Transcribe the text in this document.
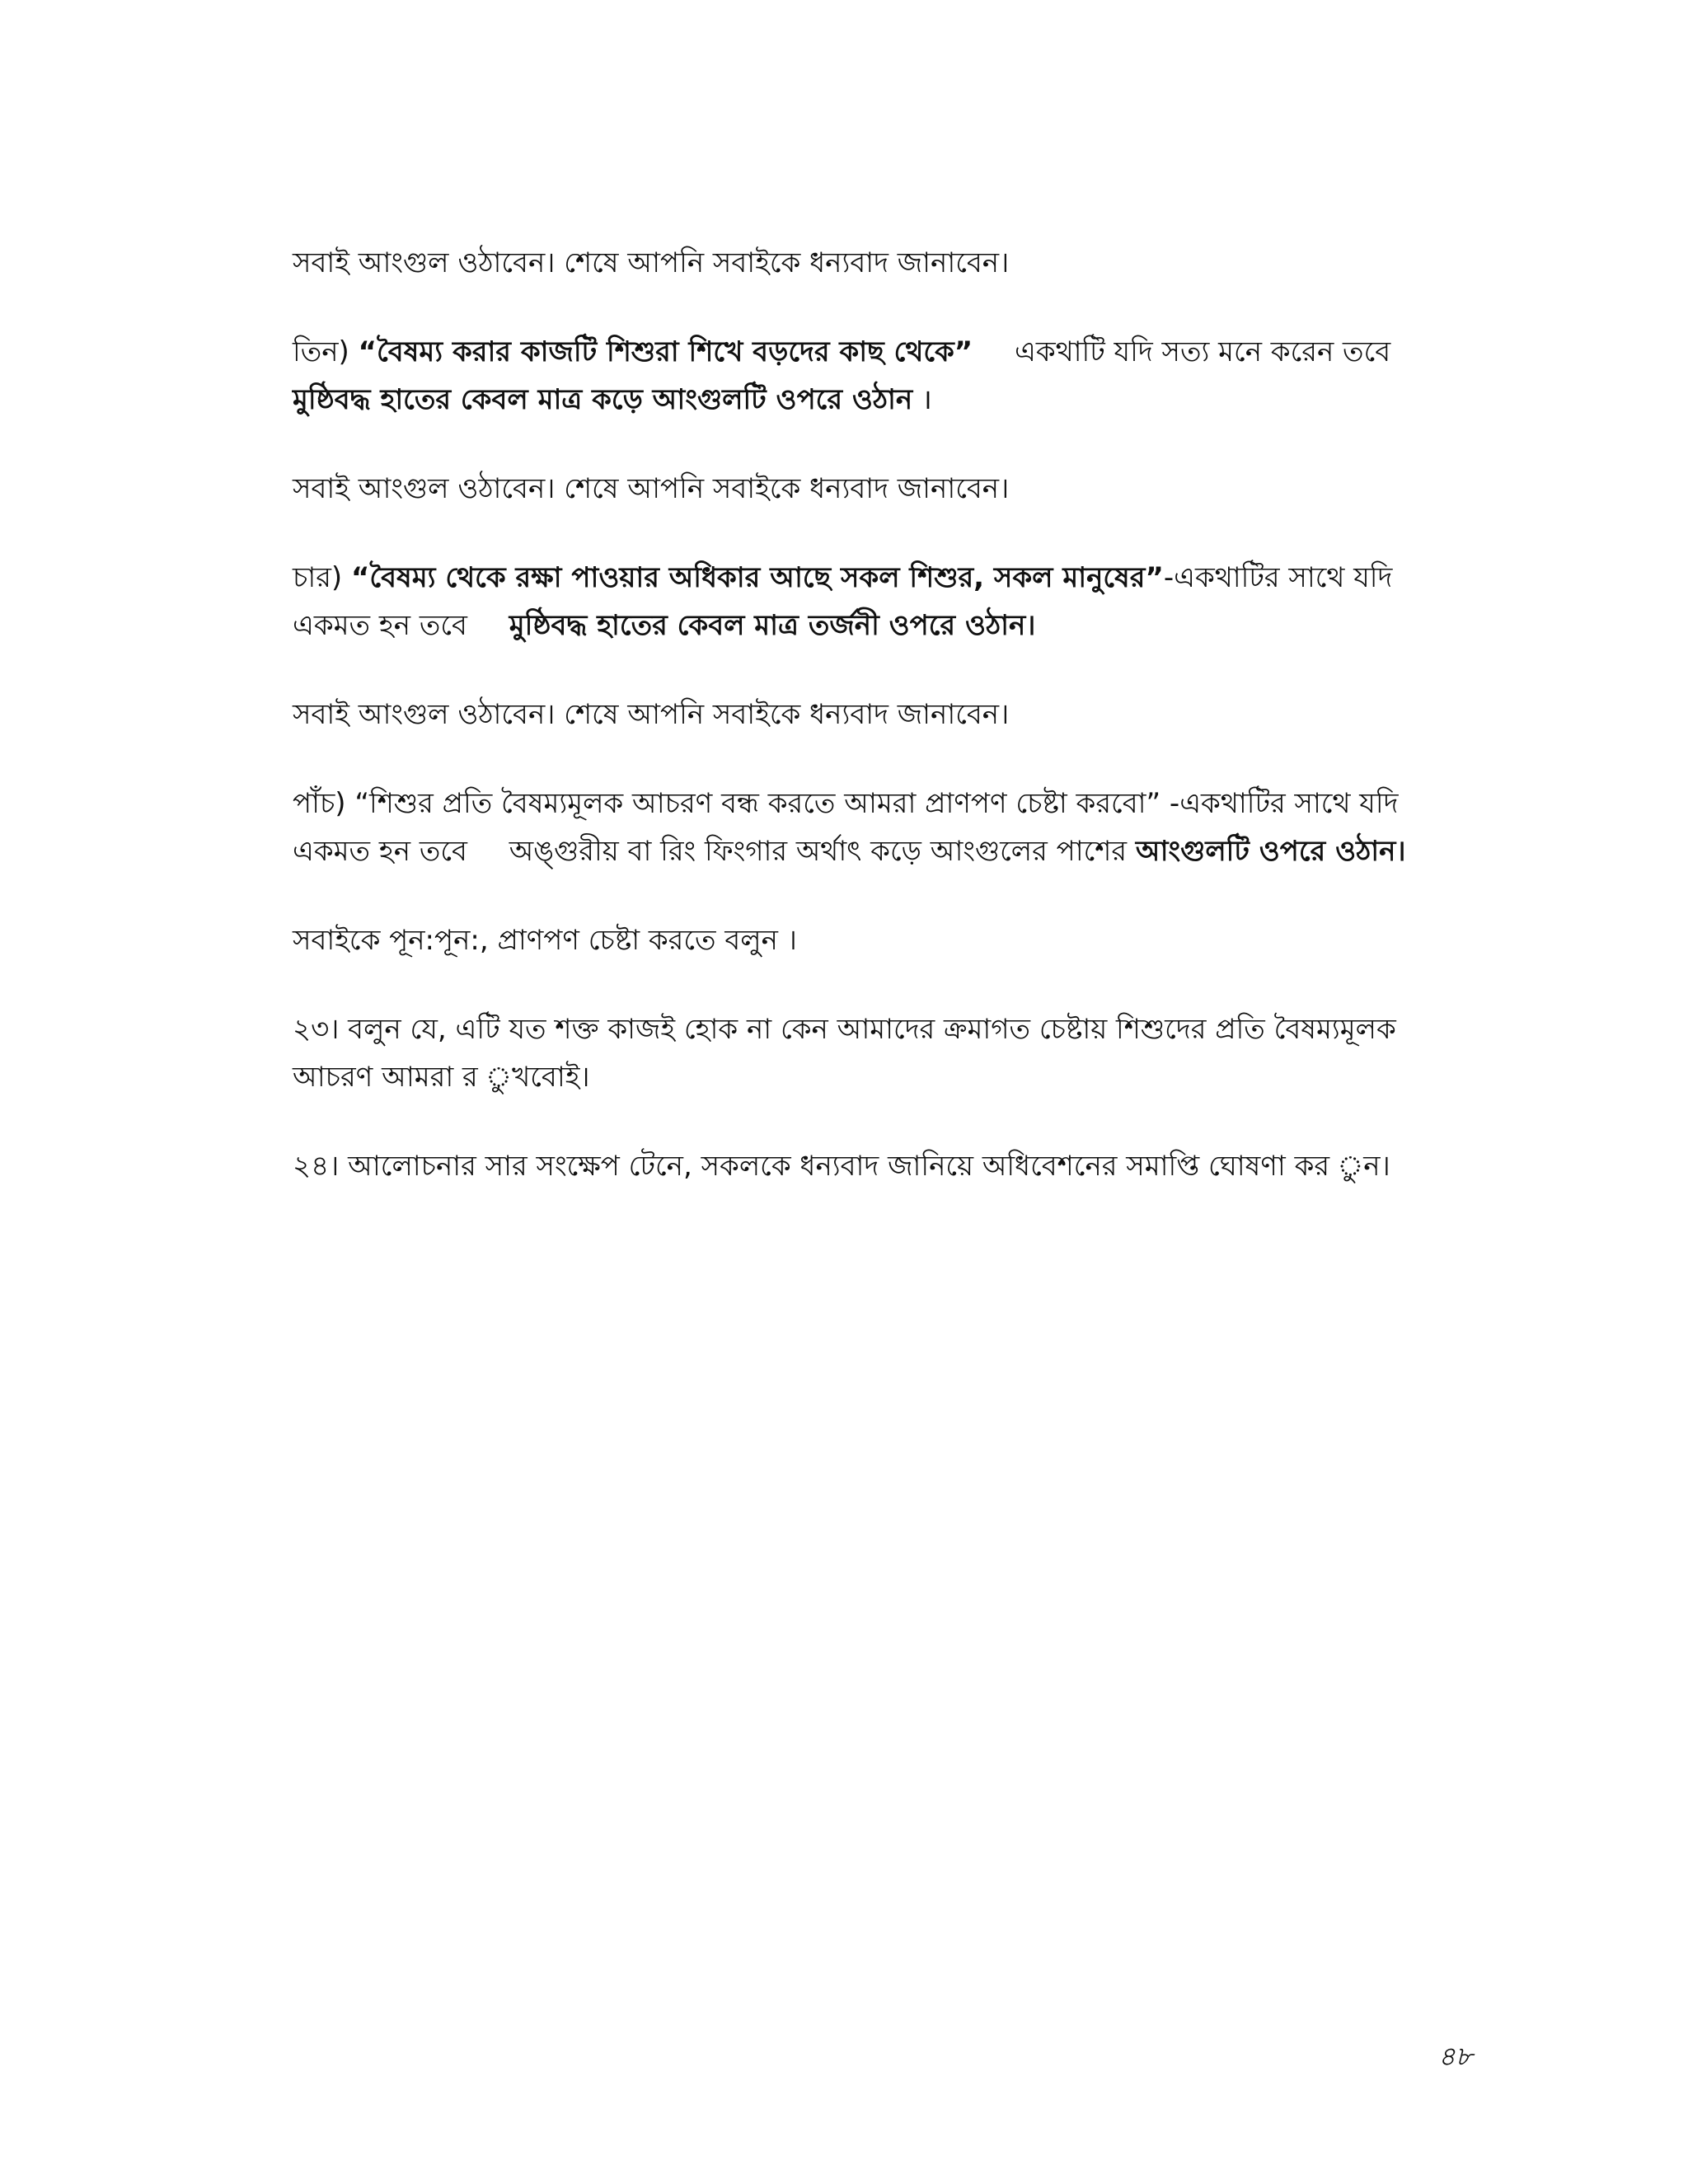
সবাই আংগুল ওঠাবেন। শেষে আপনি সবাইকে ধন্যবাদ জানাবেন।

তিন) “বৈষম্য করার কাজটি শিশুরা শিখে বড়দের কাছ থেকে” একথাটি যদি সত্য মনে করেন তবে
মুষ্ঠিবদ্ধ হাতের কেবল মাত্র কড়ে আংগুলটি ওপরে ওঠান ।

সবাই আংগুল ওঠাবেন। শেষে আপনি সবাইকে ধন্যবাদ জানাবেন।

চার) “বৈষম্য থেকে রক্ষা পাওয়ার অধিকার আছে সকল শিশুর, সকল মানুষের”-একথাটির সাথে যদি একমত হন তবে মুষ্ঠিবদ্ধ হাতের কেবল মাত্র তর্জনী ওপরে ওঠান।

সবাই আংগুল ওঠাবেন। শেষে আপনি সবাইকে ধন্যবাদ জানাবেন।

পাঁচ) “শিশুর প্রতি বৈষম্যমূলক আচরণ বন্ধ করতে আমরা প্রাণপণ চেষ্টা করবো” -একথাটির সাথে যদি একমত হন তবে অঙ্গুরীয় বা রিং ফিংগার অর্থাৎ কড়ে আংগুলের পাশের আংগুলটি ওপরে ওঠান।

সবাইকে পূন:পূন:, প্রাণপণ চেষ্টা করতে বলুন ।

২৩। বলুন যে, এটি যত শক্ত কাজই হোক না কেন আমাদের ক্রমাগত চেষ্টায় শিশুদের প্রতি বৈষম্যমূলক আচরণ আমরা র ুখবোই।

২৪। আলোচনার সার সংক্ষেপ টেনে, সকলকে ধন্যবাদ জানিয়ে অধিবেশনের সমাপ্তি ঘোষণা কর ুন।

৪৮
